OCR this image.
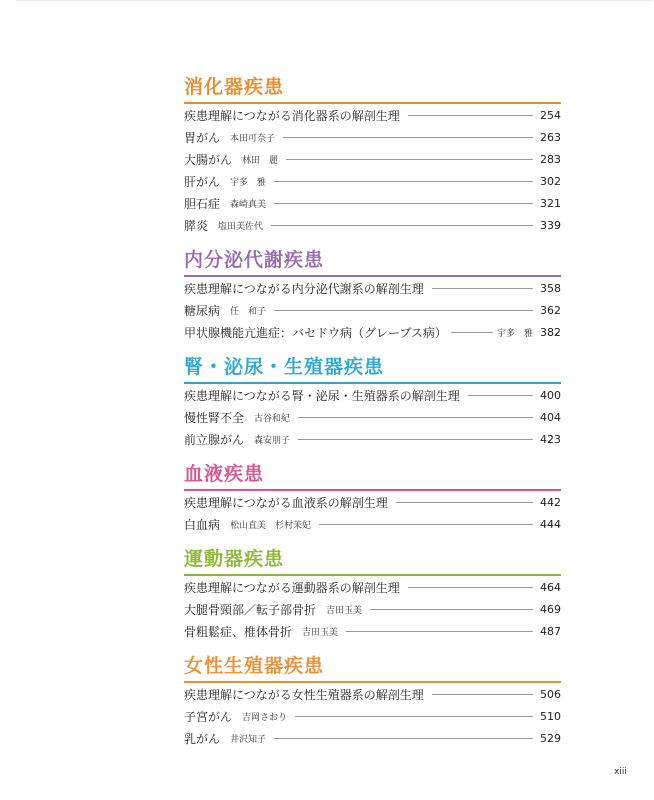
消化器疾患
疾患理解につながる消化器系の解剖生理	254
胃がん 本田可奈子	263
大腸がん 林田　麗	283
肝がん 宇多　雅	302
胆石症 森崎真美	321
膵炎 塩田美佐代	339
内分泌代謝疾患
疾患理解につながる内分泌代謝系の解剖生理	358
糖尿病 任　和子	362
甲状腺機能亢進症：バセドウ病（グレーブス病）	宇多　雅 382
腎・泌尿・生殖器疾患
疾患理解につながる腎・泌尿・生殖器系の解剖生理	400
慢性腎不全 古谷和紀	404
前立腺がん 森安朋子	423
血液疾患
疾患理解につながる血液系の解剖生理	442
白血病 松山直美　杉村茉妃	444
運動器疾患
疾患理解につながる運動器系の解剖生理	464
大腿骨頸部／転子部骨折 吉田玉美	469
骨粗鬆症、椎体骨折 吉田玉美	487
女性生殖器疾患
疾患理解につながる女性生殖器系の解剖生理	506
子宮がん 吉岡さおり	510
乳がん 井沢知子	529
xiii
